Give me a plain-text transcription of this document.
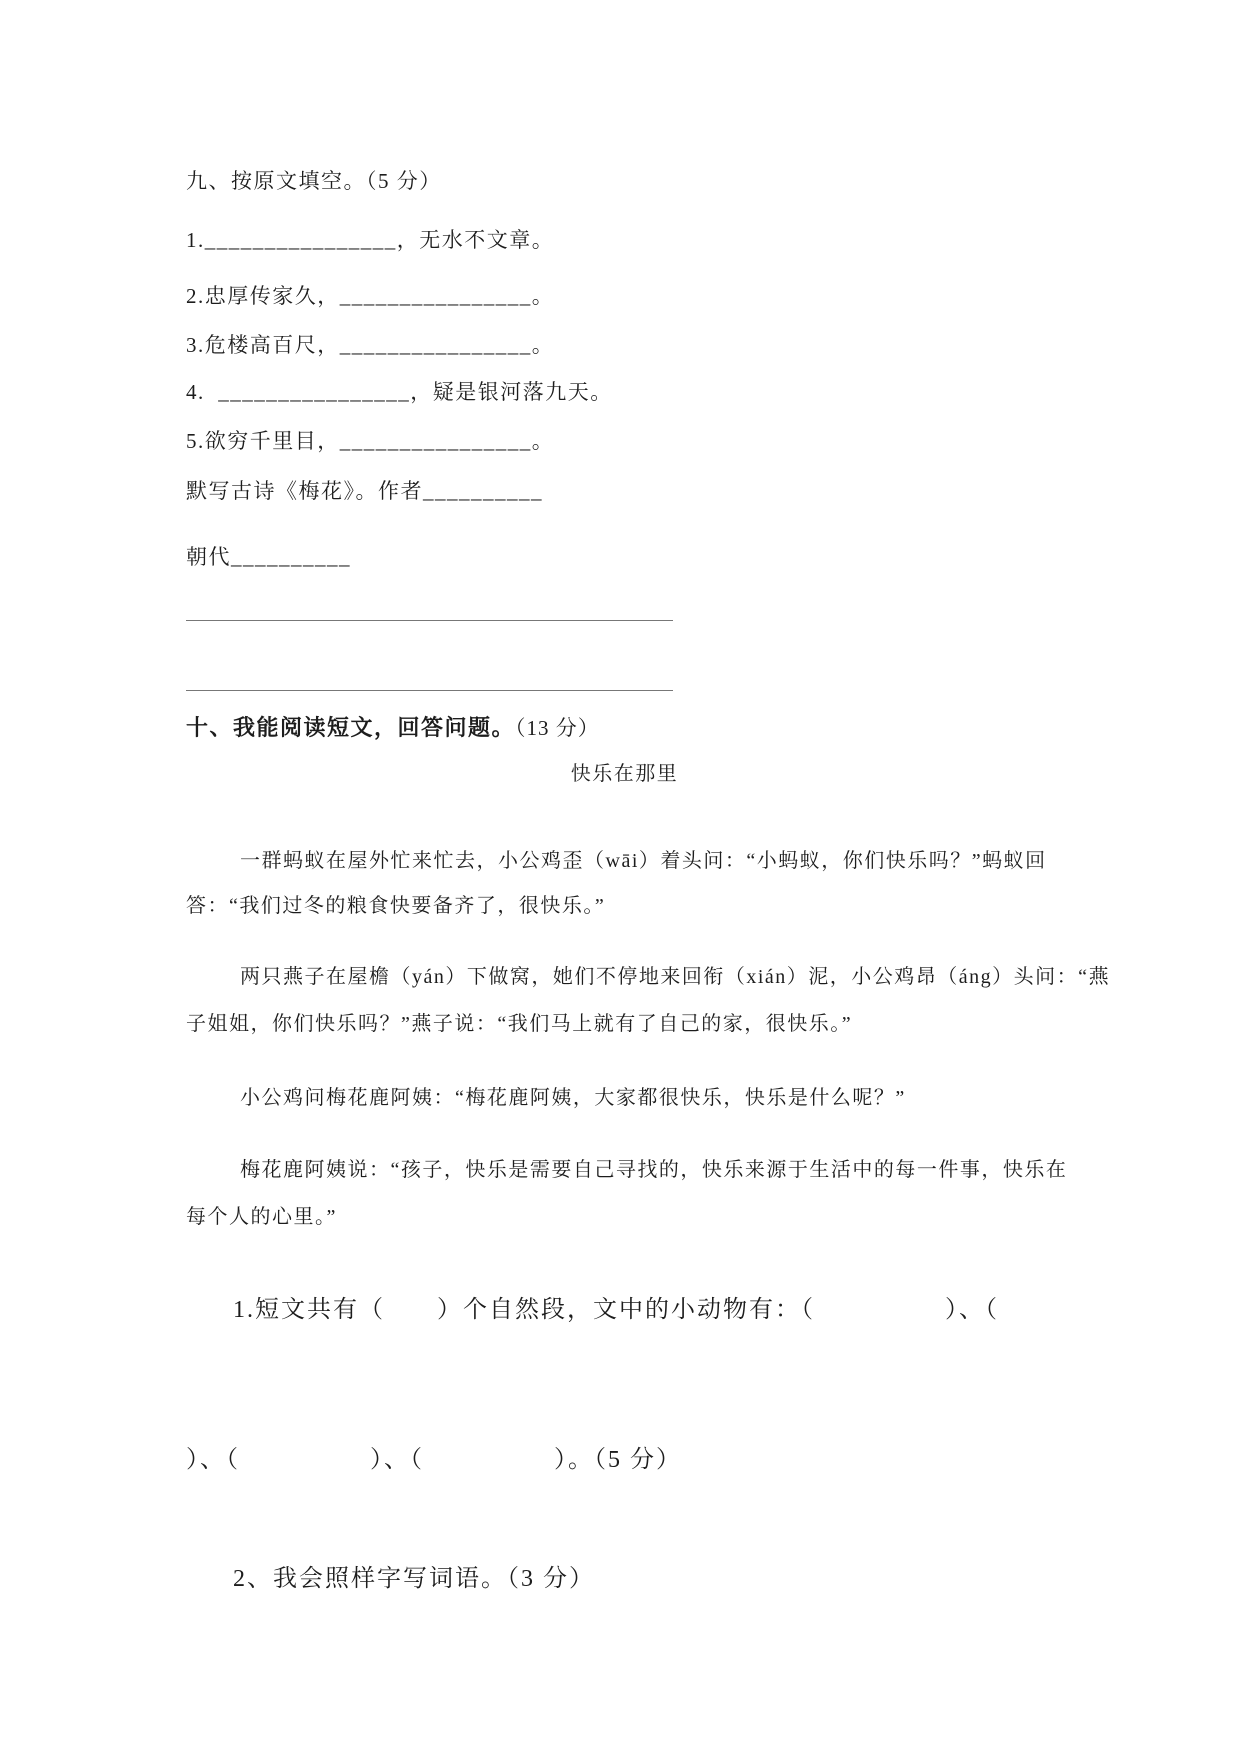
九、按原文填空。（5 分）
1.________________，无水不文章。
2.忠厚传家久，________________。
3.危楼高百尺，________________。
4.  ________________，疑是银河落九天。
5.欲穷千里目，________________。
默写古诗《梅花》。作者__________
朝代__________
十、我能阅读短文，回答问题。（13 分）
快乐在那里
一群蚂蚁在屋外忙来忙去，小公鸡歪（wāi）着头问：“小蚂蚁，你们快乐吗？”蚂蚁回
答：“我们过冬的粮食快要备齐了，很快乐。”
两只燕子在屋檐（yán）下做窝，她们不停地来回衔（xián）泥，小公鸡昂（áng）头问：“燕
子姐姐，你们快乐吗？”燕子说：“我们马上就有了自己的家，很快乐。”
小公鸡问梅花鹿阿姨：“梅花鹿阿姨，大家都很快乐，快乐是什么呢？”
梅花鹿阿姨说：“孩子，快乐是需要自己寻找的，快乐来源于生活中的每一件事，快乐在
每个人的心里。”
1.短文共有（　　）个自然段，文中的小动物有：（　　　　　）、（
）、（　　　　　）、（　　　　　）。（5 分）
2、我会照样字写词语。（3 分）
